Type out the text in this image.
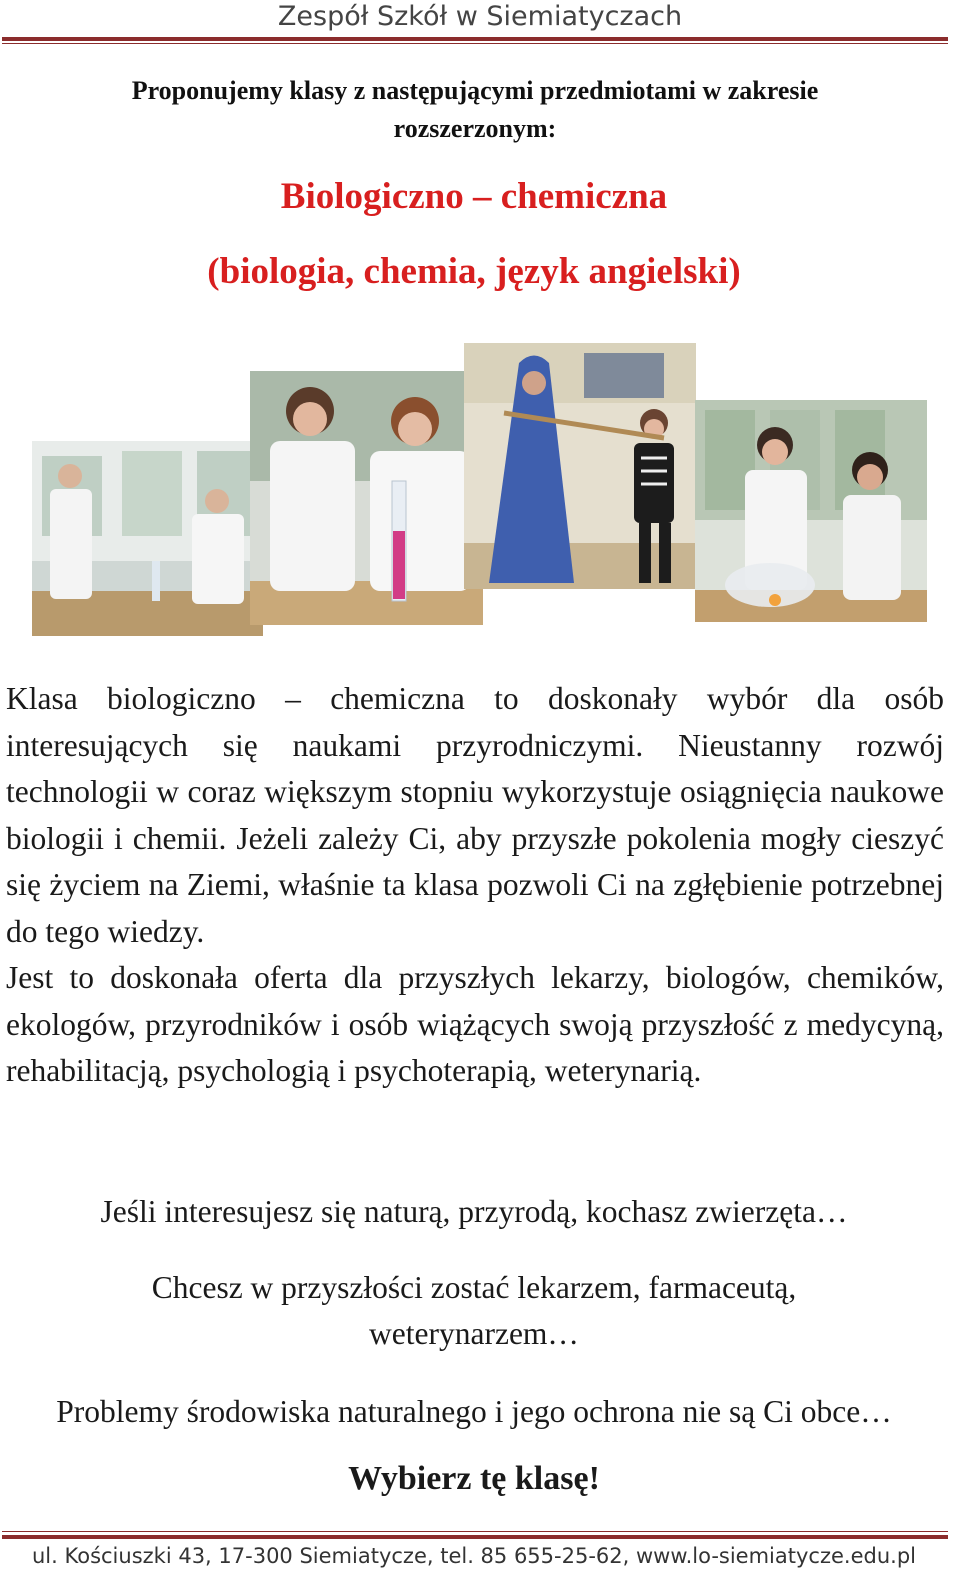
Zespół Szkół w Siemiatyczach
Proponujemy klasy z następującymi przedmiotami w zakresie
rozszerzonym:
Biologiczno – chemiczna
(biologia, chemia, język angielski)

Klasa biologiczno – chemiczna to doskonały wybór dla osób interesujących się naukami przyrodniczymi. Nieustanny rozwój technologii w coraz większym stopniu wykorzystuje osiągnięcia naukowe biologii i chemii. Jeżeli zależy Ci, aby przyszłe pokolenia mogły cieszyć się życiem na Ziemi, właśnie ta klasa pozwoli Ci na zgłębienie potrzebnej do tego wiedzy.

Jest to doskonała oferta dla przyszłych lekarzy, biologów, chemików, ekologów, przyrodników i osób wiążących swoją przyszłość z medycyną, rehabilitacją, psychologią i psychoterapią, weterynarią.

Jeśli interesujesz się naturą, przyrodą, kochasz zwierzęta…
Chcesz w przyszłości zostać lekarzem, farmaceutą,
weterynarzem…
Problemy środowiska naturalnego i jego ochrona nie są Ci obce…
Wybierz tę klasę!
ul. Kościuszki 43, 17-300 Siemiatycze, tel. 85 655-25-62, www.lo-siemiatycze.edu.pl
